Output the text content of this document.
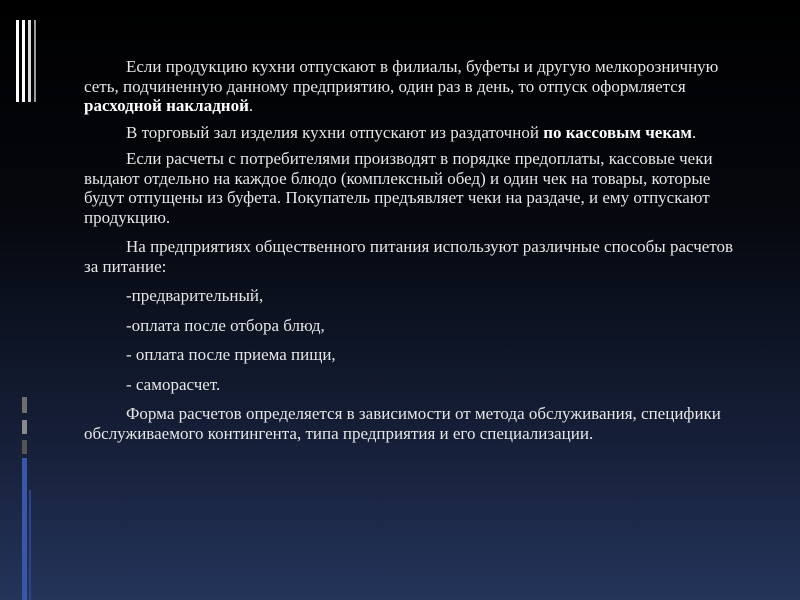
Если продукцию кухни отпускают в филиалы, буфеты и другую мелкорозничную сеть, подчиненную данному предприятию, один раз в день, то отпуск оформляется расходной накладной.

В торговый зал изделия кухни отпускают из раздаточной по кассовым чекам.

Если расчеты с потребителями производят в порядке предоплаты, кассовые чеки выдают отдельно на каждое блюдо (комплексный обед) и один чек на товары, которые будут отпущены из буфета. Покупатель предъявляет чеки на раздаче, и ему отпускают продукцию.

На предприятиях общественного питания используют различные способы расчетов за питание:

-предварительный,

-оплата после отбора блюд,

- оплата после приема пищи,

- саморасчет.

Форма расчетов определяется в зависимости от метода обслуживания, специфики обслуживаемого контингента, типа предприятия и его специализации.
